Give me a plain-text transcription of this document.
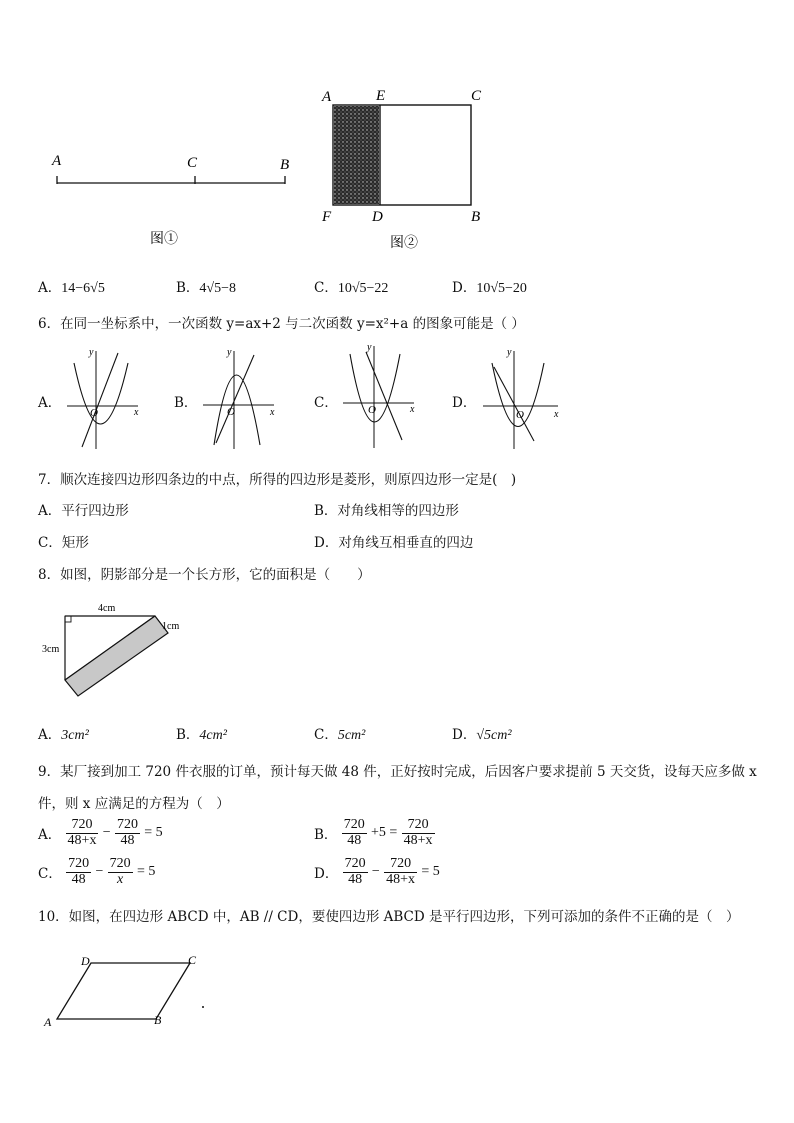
A	C	B
图①
A	E	C
F	D	B
图②
A．14−6√5	B．4√5−8	C．10√5−22	D．10√5−20
6．在同一坐标系中，一次函数 y=ax+2 与二次函数 y=x²+a 的图象可能是（ ）
A．
y
x
O
B．
y
x
O
C．
y
x
O	D．
y
x
O
7．顺次连接四边形四条边的中点，所得的四边形是菱形，则原四边形一定是(　)
A．平行四边形	B．对角线相等的四边形
C．矩形	D．对角线互相垂直的四边
8．如图，阴影部分是一个长方形，它的面积是（　　）
4cm
3cm
1cm
A．3cm²	B．4cm²	C．5cm²	D．√5cm²
9．某厂接到加工 720 件衣服的订单，预计每天做 48 件，正好按时完成，后因客户要求提前 5 天交货，设每天应多做 x
件，则 x 应满足的方程为（　）
A． $\frac{720}{48+x} - \frac{720}{48} = 5$	B． $\frac{720}{48} +5 = \frac{720}{48+x}$
C． $\frac{720}{48} - \frac{720}{x} = 5$	D． $\frac{720}{48} - \frac{720}{48+x} = 5$
10．如图，在四边形 ABCD 中，AB // CD，要使四边形 ABCD 是平行四边形，下列可添加的条件不正确的是（　）
A	B
C
D
